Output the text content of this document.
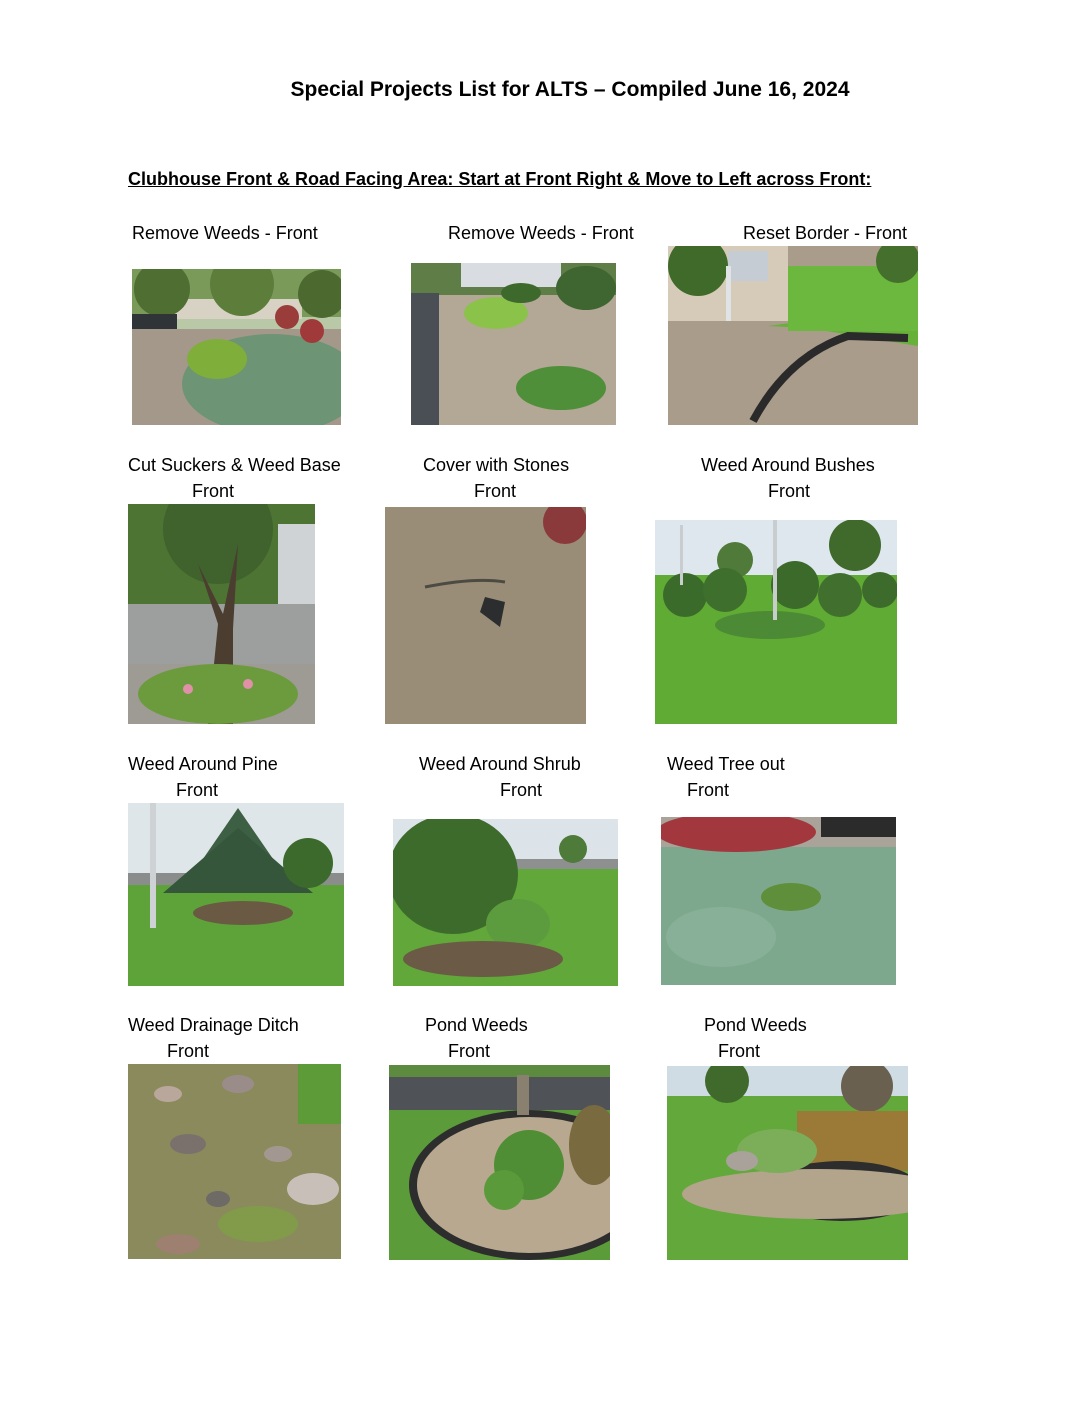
Special Projects List for ALTS – Compiled June 16, 2024
Clubhouse Front & Road Facing Area: Start at Front Right & Move to Left across Front:
Remove Weeds - Front	Remove Weeds - Front	Reset Border - Front
Cut Suckers & Weed Base
Front
Cover with Stones
Front
Weed Around Bushes
Front
Weed Around Pine
Front
Weed Around Shrub
Front
Weed Tree out
Front
Weed Drainage Ditch
Front
Pond Weeds
Front
Pond Weeds
Front
